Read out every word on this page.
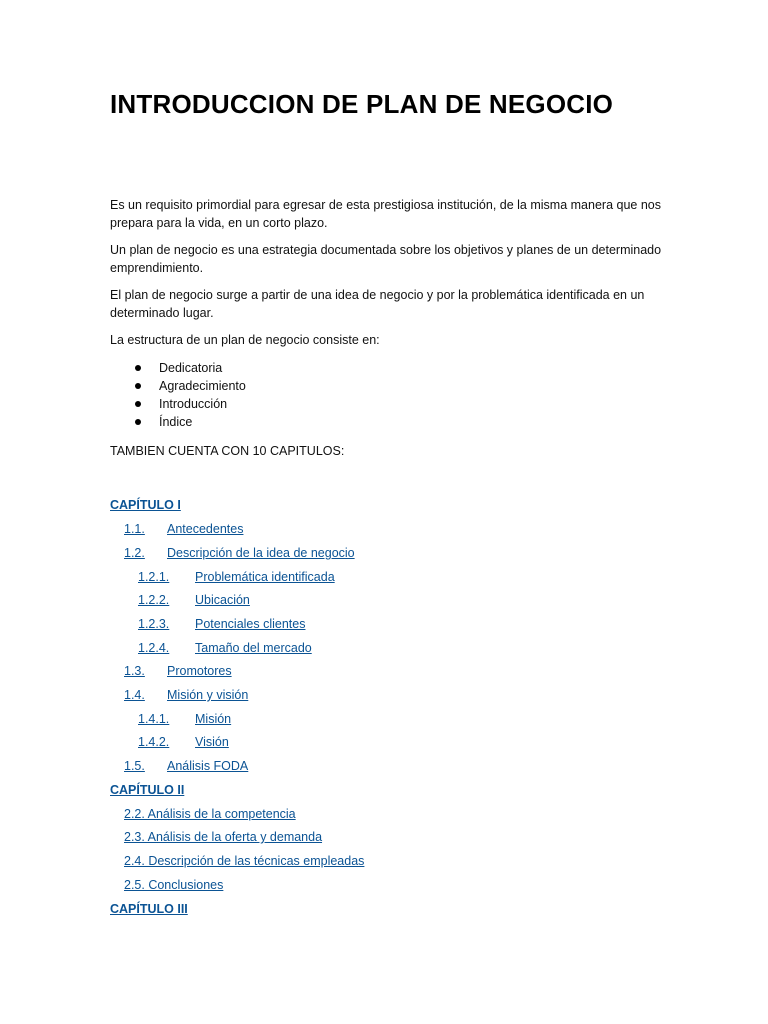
INTRODUCCION DE PLAN DE NEGOCIO

Es un requisito primordial para egresar de esta prestigiosa institución, de la misma manera que nos prepara para la vida, en un corto plazo.

Un plan de negocio es una estrategia documentada sobre los objetivos y planes de un determinado emprendimiento.

El plan de negocio surge a partir de una idea de negocio y por la problemática identificada en un determinado lugar.

La estructura de un plan de negocio consiste en:

Dedicatoria
Agradecimiento
Introducción
Índice

TAMBIEN CUENTA CON 10 CAPITULOS:

CAPÍTULO I
1.1. Antecedentes
1.2. Descripción de la idea de negocio
1.2.1. Problemática identificada
1.2.2. Ubicación
1.2.3. Potenciales clientes
1.2.4. Tamaño del mercado
1.3. Promotores
1.4. Misión y visión
1.4.1. Misión
1.4.2. Visión
1.5. Análisis FODA
CAPÍTULO II
2.2. Análisis de la competencia
2.3. Análisis de la oferta y demanda
2.4. Descripción de las técnicas empleadas
2.5. Conclusiones
CAPÍTULO III
